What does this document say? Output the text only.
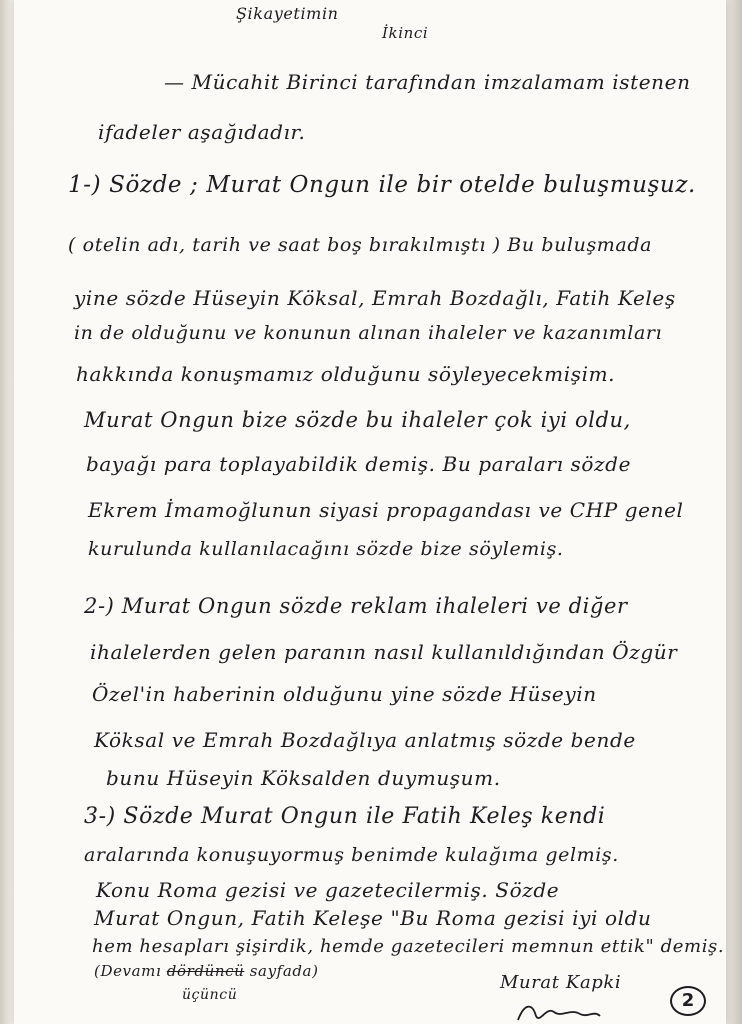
Şikayetimin
İkinci
— Mücahit Birinci tarafından imzalamam istenen
ifadeler aşağıdadır.
1-) Sözde ; Murat Ongun ile bir otelde buluşmuşuz.
( otelin adı, tarih ve saat boş bırakılmıştı ) Bu buluşmada
yine sözde Hüseyin Köksal, Emrah Bozdağlı, Fatih Keleş
in de olduğunu ve konunun alınan ihaleler ve kazanımları
hakkında konuşmamız olduğunu söyleyecekmişim.
Murat Ongun bize sözde bu ihaleler çok iyi oldu,
bayağı para toplayabildik demiş. Bu paraları sözde
Ekrem İmamoğlunun siyasi propagandası ve CHP genel
kurulunda kullanılacağını sözde bize söylemiş.
2-) Murat Ongun sözde reklam ihaleleri ve diğer
ihalelerden gelen paranın nasıl kullanıldığından Özgür
Özel'in haberinin olduğunu yine sözde Hüseyin
Köksal ve Emrah Bozdağlıya anlatmış sözde bende
bunu Hüseyin Köksalden duymuşum.
3-) Sözde Murat Ongun ile Fatih Keleş kendi
aralarında konuşuyormuş benimde kulağıma gelmiş.
Konu Roma gezisi ve gazetecilermiş. Sözde
Murat Ongun, Fatih Keleşe "Bu Roma gezisi iyi oldu
hem hesapları şişirdik, hemde gazetecileri memnun ettik" demiş.
(Devamı dördüncü sayfada)
üçüncü
Murat Kapki
2
